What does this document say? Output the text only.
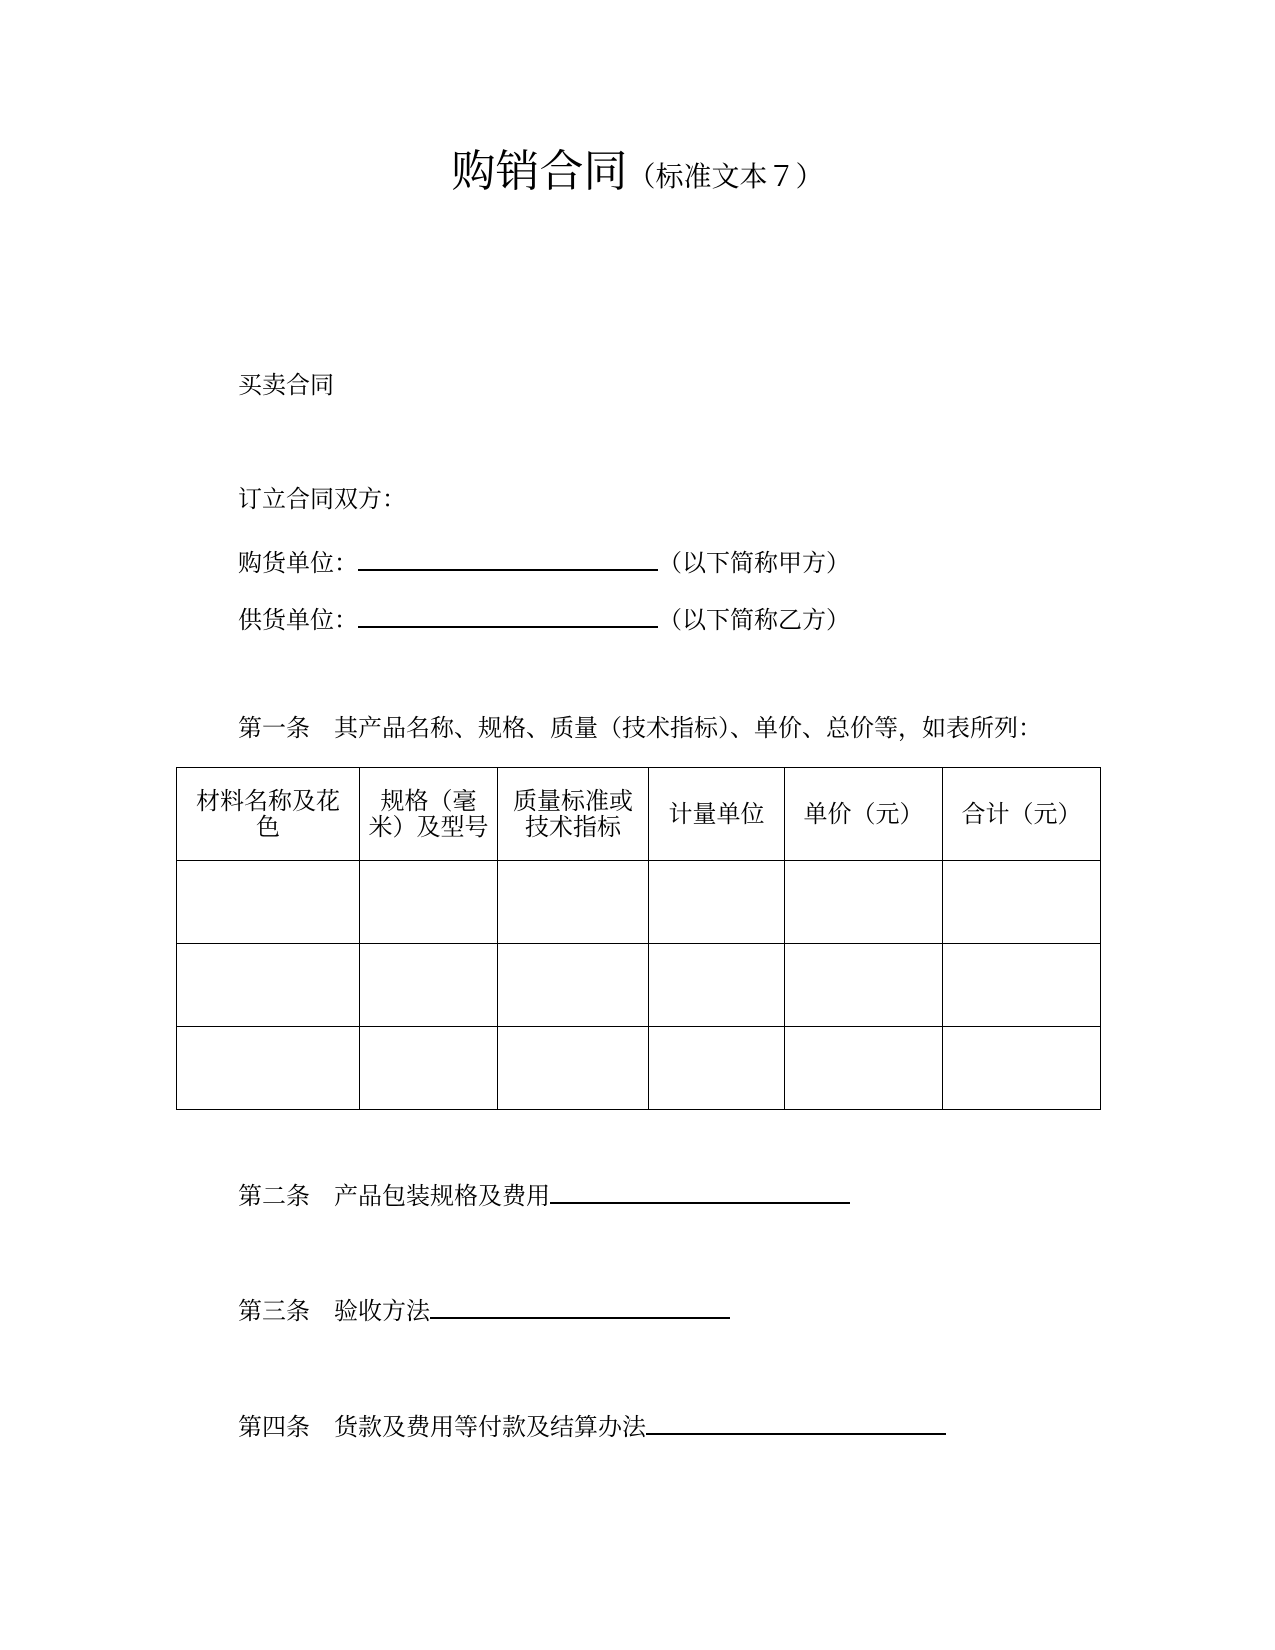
购销合同（标准文本７）
买卖合同
订立合同双方：
购货单位：	（以下简称甲方）
供货单位：	（以下简称乙方）
第一条 其产品名称、规格、质量（技术指标）、单价、总价等，如表所列：
材料名称及花色	规格（毫米）及型号	质量标准或技术指标	计量单位	单价（元）	合计（元）

第二条 产品包装规格及费用
第三条 验收方法
第四条 货款及费用等付款及结算办法
